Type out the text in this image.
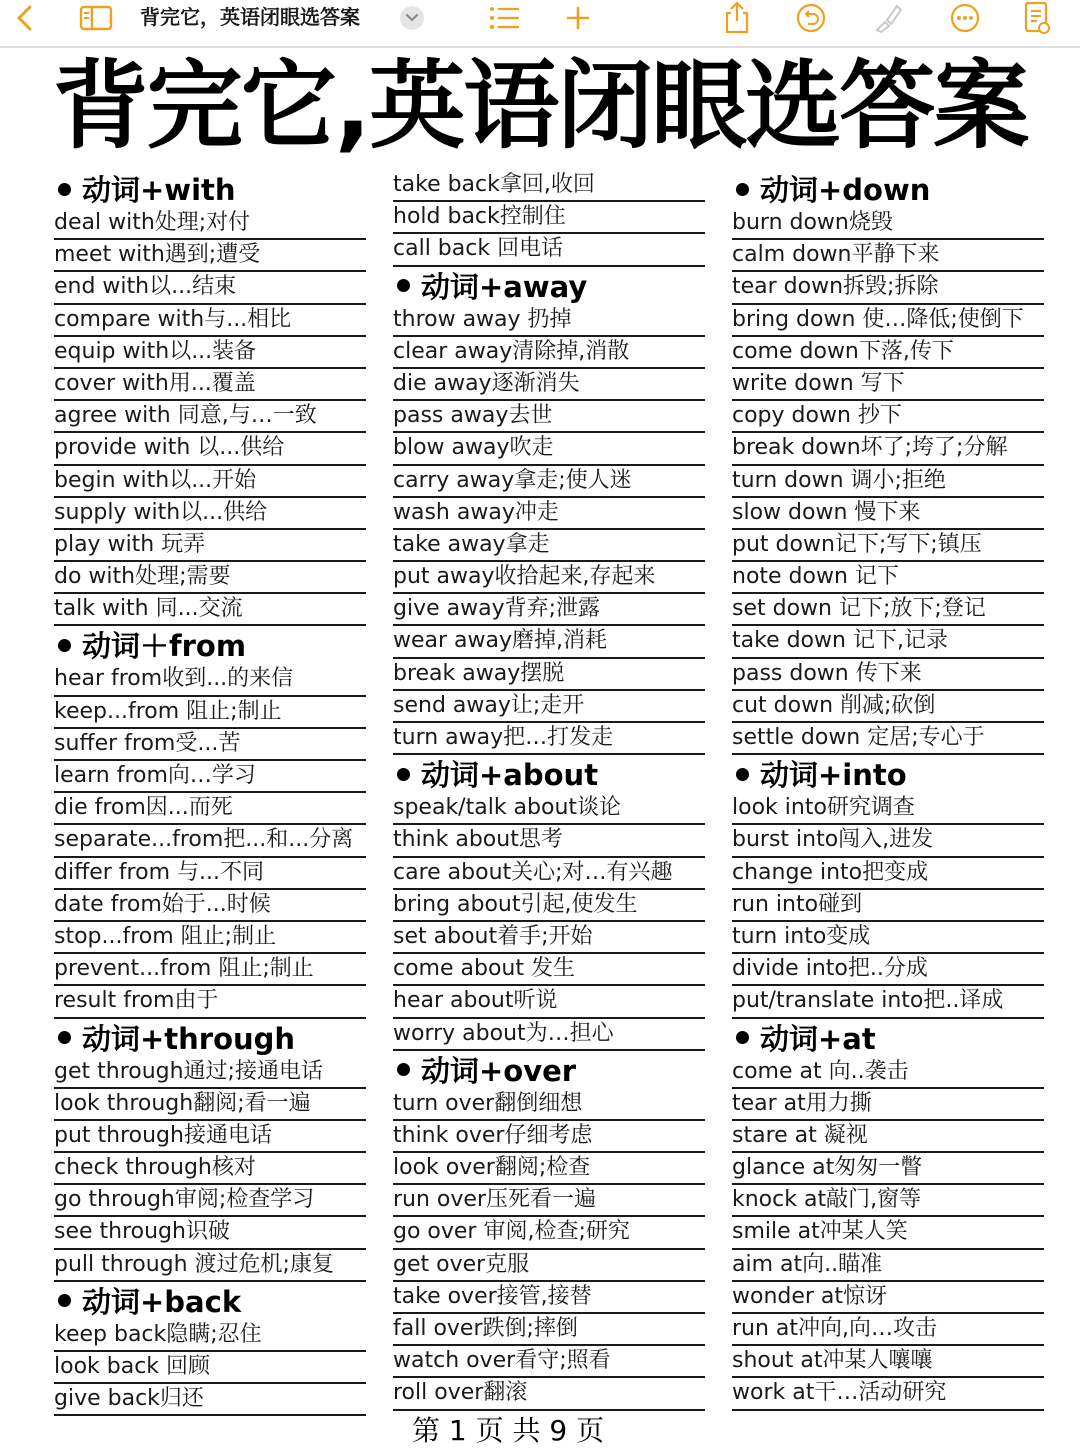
背完它，英语闭眼选答案
背完它,英语闭眼选答案
动词+with
deal with处理;对付
meet with遇到;遭受
end with以...结束
compare with与...相比
equip with以...装备
cover with用...覆盖
agree with 同意,与…一致
provide with 以...供给
begin with以...开始
supply with以...供给
play with 玩弄
do with处理;需要
talk with 同...交流
动词＋from
hear from收到...的来信
keep...from 阻止;制止
suffer from受...苦
learn from向…学习
die from因...而死
separate...from把...和...分离
differ from 与...不同
date from始于...时候
stop...from 阻止;制止
prevent...from 阻止;制止
result from由于
动词+through
get through通过;接通电话
look through翻阅;看一遍
put through接通电话
check through核对
go through审阅;检查学习
see through识破
pull through 渡过危机;康复
动词+back
keep back隐瞒;忍住
look back 回顾
give back归还
take back拿回,收回
hold back控制住
call back 回电话
动词+away
throw away 扔掉
clear away清除掉,消散
die away逐渐消失
pass away去世
blow away吹走
carry away拿走;使人迷
wash away冲走
take away拿走
put away收拾起来,存起来
give away背弃;泄露
wear away磨掉,消耗
break away摆脱
send away让;走开
turn away把…打发走
动词+about
speak/talk about谈论
think about思考
care about关心;对…有兴趣
bring about引起,使发生
set about着手;开始
come about 发生
hear about听说
worry about为…担心
动词+over
turn over翻倒细想
think over仔细考虑
look over翻阅;检查
run over压死看一遍
go over 审阅,检查;研究
get over克服
take over接管,接替
fall over跌倒;摔倒
watch over看守;照看
roll over翻滚
动词+down
burn down烧毁
calm down平静下来
tear down拆毁;拆除
bring down 使…降低;使倒下
come down下落,传下
write down 写下
copy down 抄下
break down坏了;垮了;分解
turn down 调小;拒绝
slow down 慢下来
put down记下;写下;镇压
note down 记下
set down 记下;放下;登记
take down 记下,记录
pass down 传下来
cut down 削减;砍倒
settle down 定居;专心于
动词+into
look into研究调查
burst into闯入,进发
change into把变成
run into碰到
turn into变成
divide into把..分成
put/translate into把..译成
动词+at
come at 向..袭击
tear at用力撕
stare at 凝视
glance at匆匆一瞥
knock at敲门,窗等
smile at冲某人笑
aim at向..瞄准
wonder at惊讶
run at冲向,向…攻击
shout at冲某人嚷嚷
work at干…活动研究
第 1 页 共 9 页
